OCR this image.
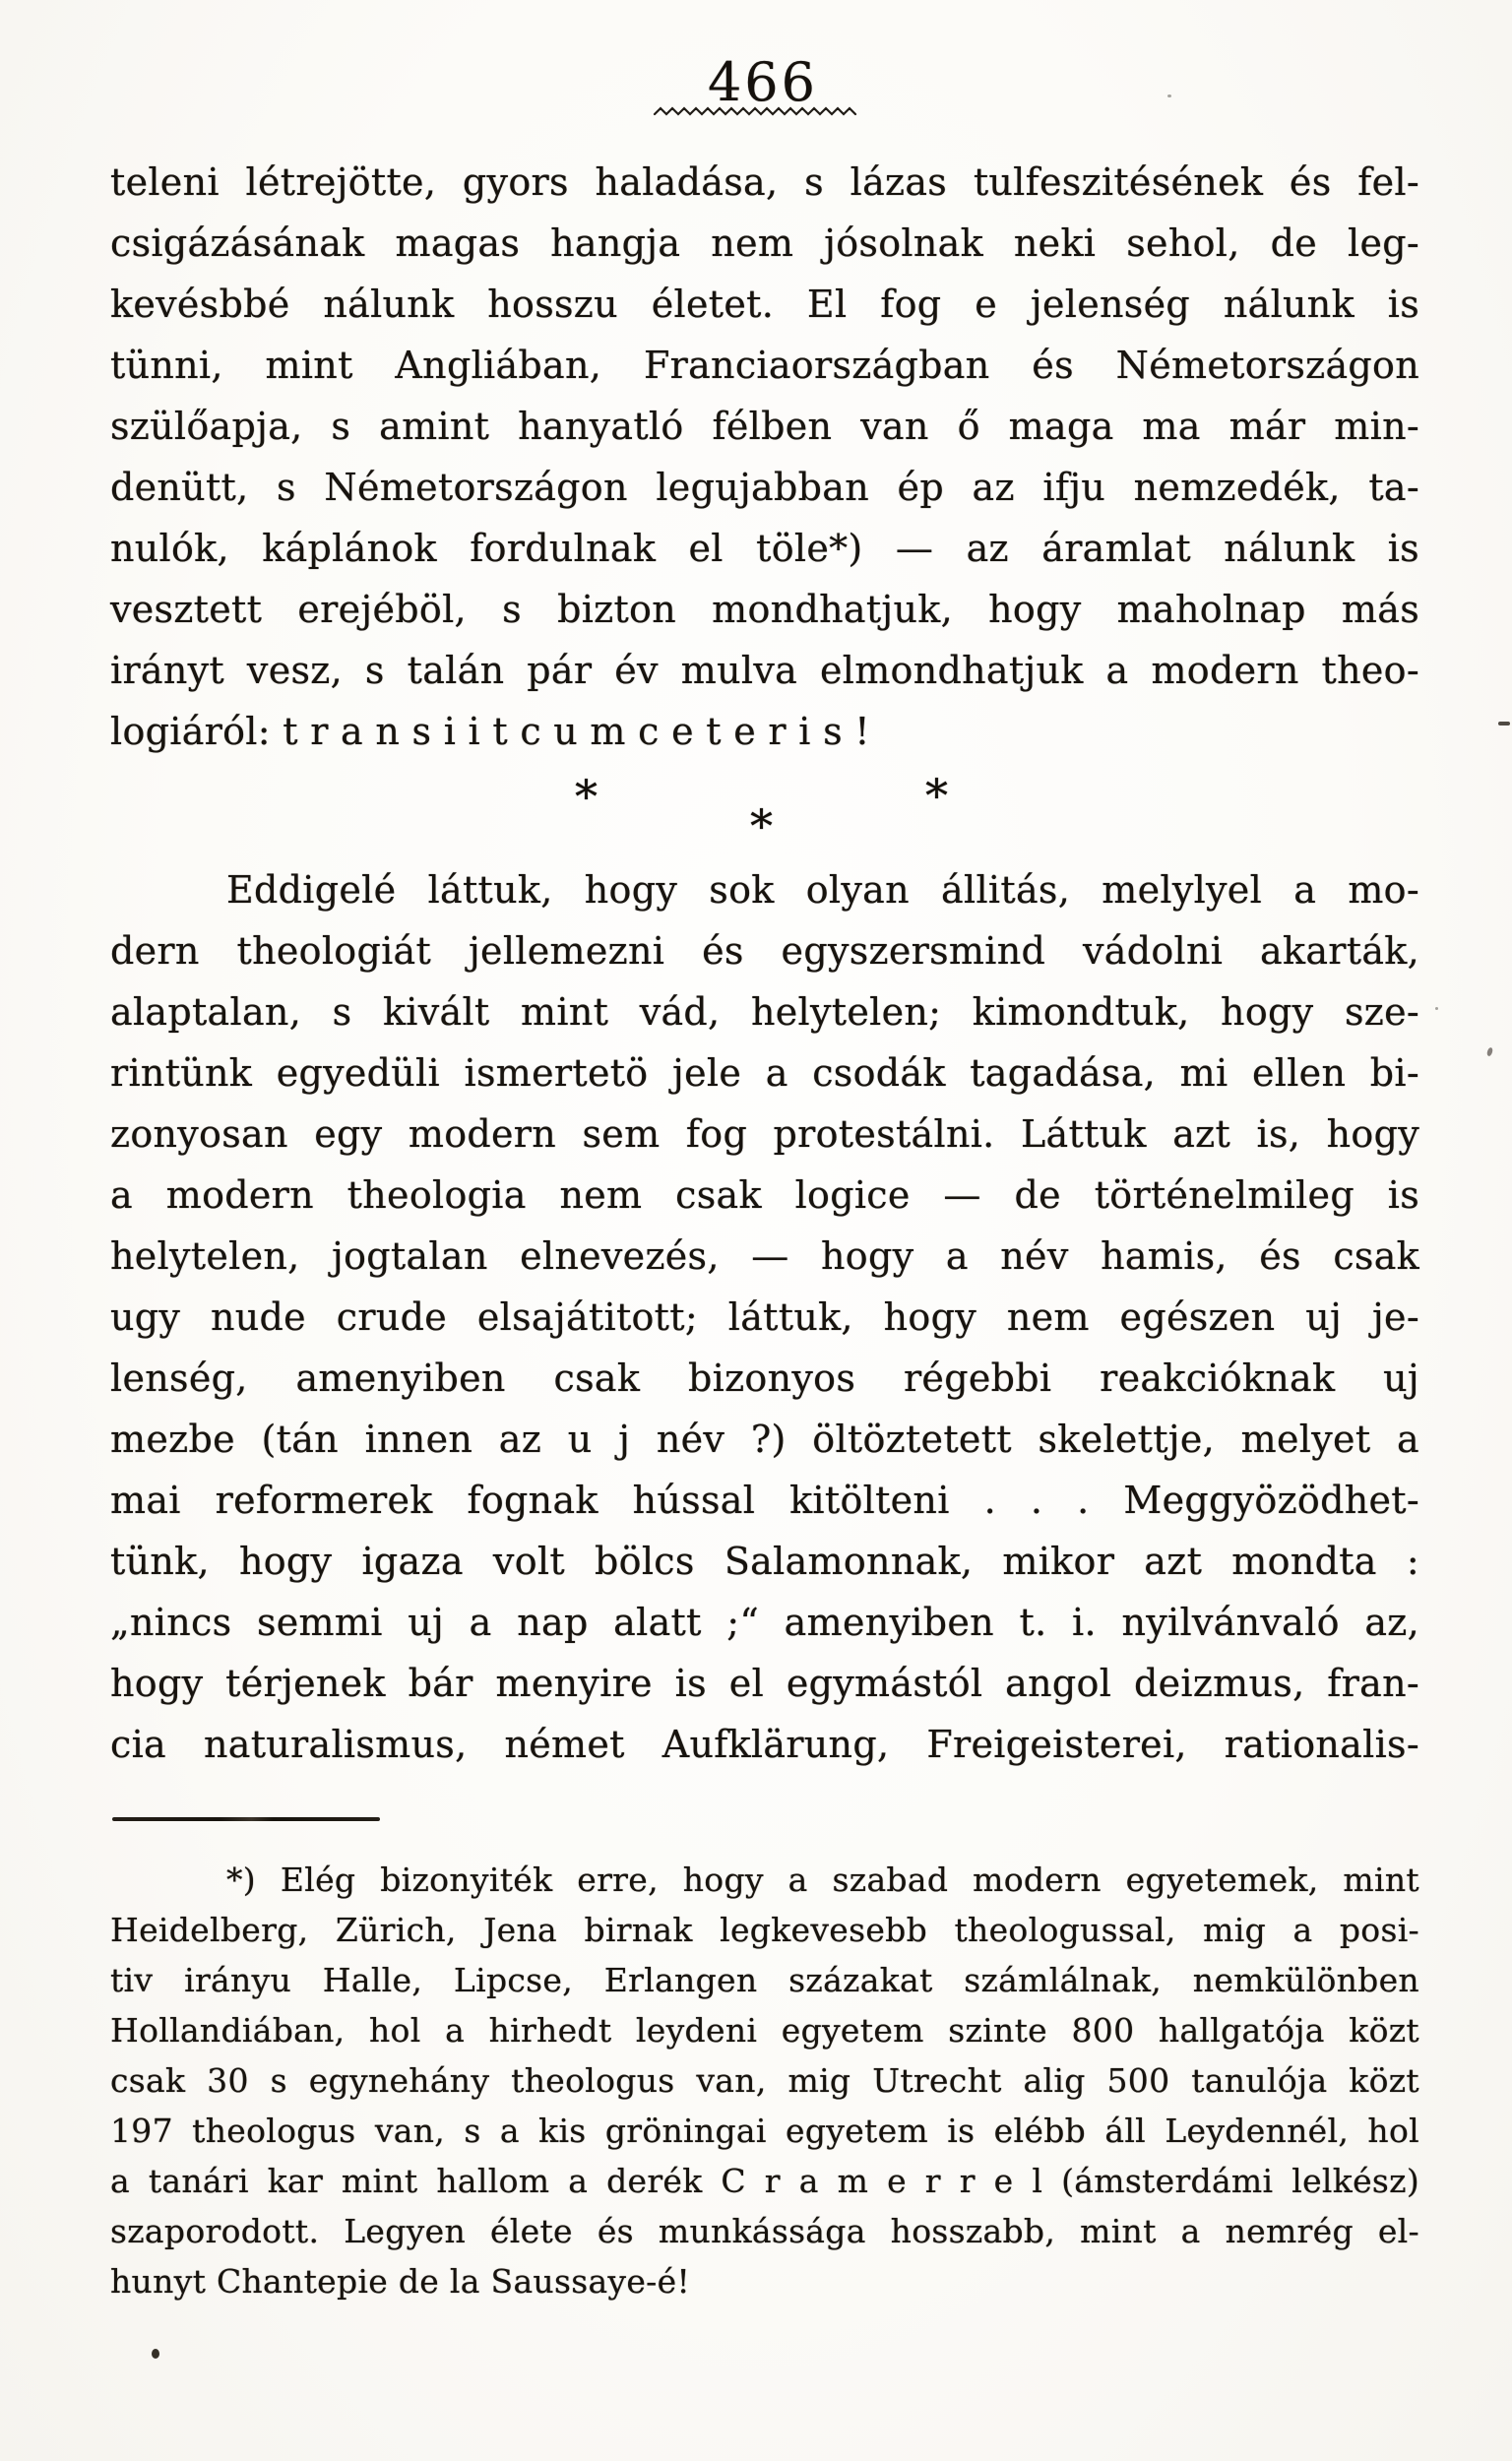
466
teleni létrejötte, gyors haladása, s lázas tulfeszitésének és fel-
csigázásának magas hangja nem jósolnak neki sehol, de leg-
kevésbbé nálunk hosszu életet. El fog e jelenség nálunk is
tünni, mint Angliában, Franciaországban és Németországon
szülőapja, s amint hanyatló félben van ő maga ma már min-
denütt, s Németországon legujabban ép az ifju nemzedék, ta-
nulók, káplánok fordulnak el töle*) — az áramlat nálunk is
vesztett erejéböl, s bizton mondhatjuk, hogy maholnap más
irányt vesz, s talán pár év mulva elmondhatjuk a modern theo-
logiáról: t r a n s i i t c u m c e t e r i s !
*	*
*
Eddigelé láttuk, hogy sok olyan állitás, melylyel a mo-
dern theologiát jellemezni és egyszersmind vádolni akarták,
alaptalan, s kivált mint vád, helytelen; kimondtuk, hogy sze-
rintünk egyedüli ismertetö jele a csodák tagadása, mi ellen bi-
zonyosan egy modern sem fog protestálni. Láttuk azt is, hogy
a modern theologia nem csak logice — de történelmileg is
helytelen, jogtalan elnevezés, — hogy a név hamis, és csak
ugy nude crude elsajátitott; láttuk, hogy nem egészen uj je-
lenség, amenyiben csak bizonyos régebbi reakcióknak uj
mezbe (tán innen az u j név ?) öltöztetett skelettje, melyet a
mai reformerek fognak hússal kitölteni . . . Meggyözödhet-
tünk, hogy igaza volt bölcs Salamonnak, mikor azt mondta :
„nincs semmi uj a nap alatt ;“ amenyiben t. i. nyilvánvaló az,
hogy térjenek bár menyire is el egymástól angol deizmus, fran-
cia naturalismus, német Aufklärung, Freigeisterei, rationalis-
*) Elég bizonyiték erre, hogy a szabad modern egyetemek, mint
Heidelberg, Zürich, Jena birnak legkevesebb theologussal, mig a posi-
tiv irányu Halle, Lipcse, Erlangen százakat számlálnak, nemkülönben
Hollandiában, hol a hirhedt leydeni egyetem szinte 800 hallgatója közt
csak 30 s egynehány theologus van, mig Utrecht alig 500 tanulója közt
197 theologus van, s a kis gröningai egyetem is elébb áll Leydennél, hol
a tanári kar mint hallom a derék C r a m e r r e l (ámsterdámi lelkész)
szaporodott. Legyen élete és munkássága hosszabb, mint a nemrég el-
hunyt Chantepie de la Saussaye-é!
